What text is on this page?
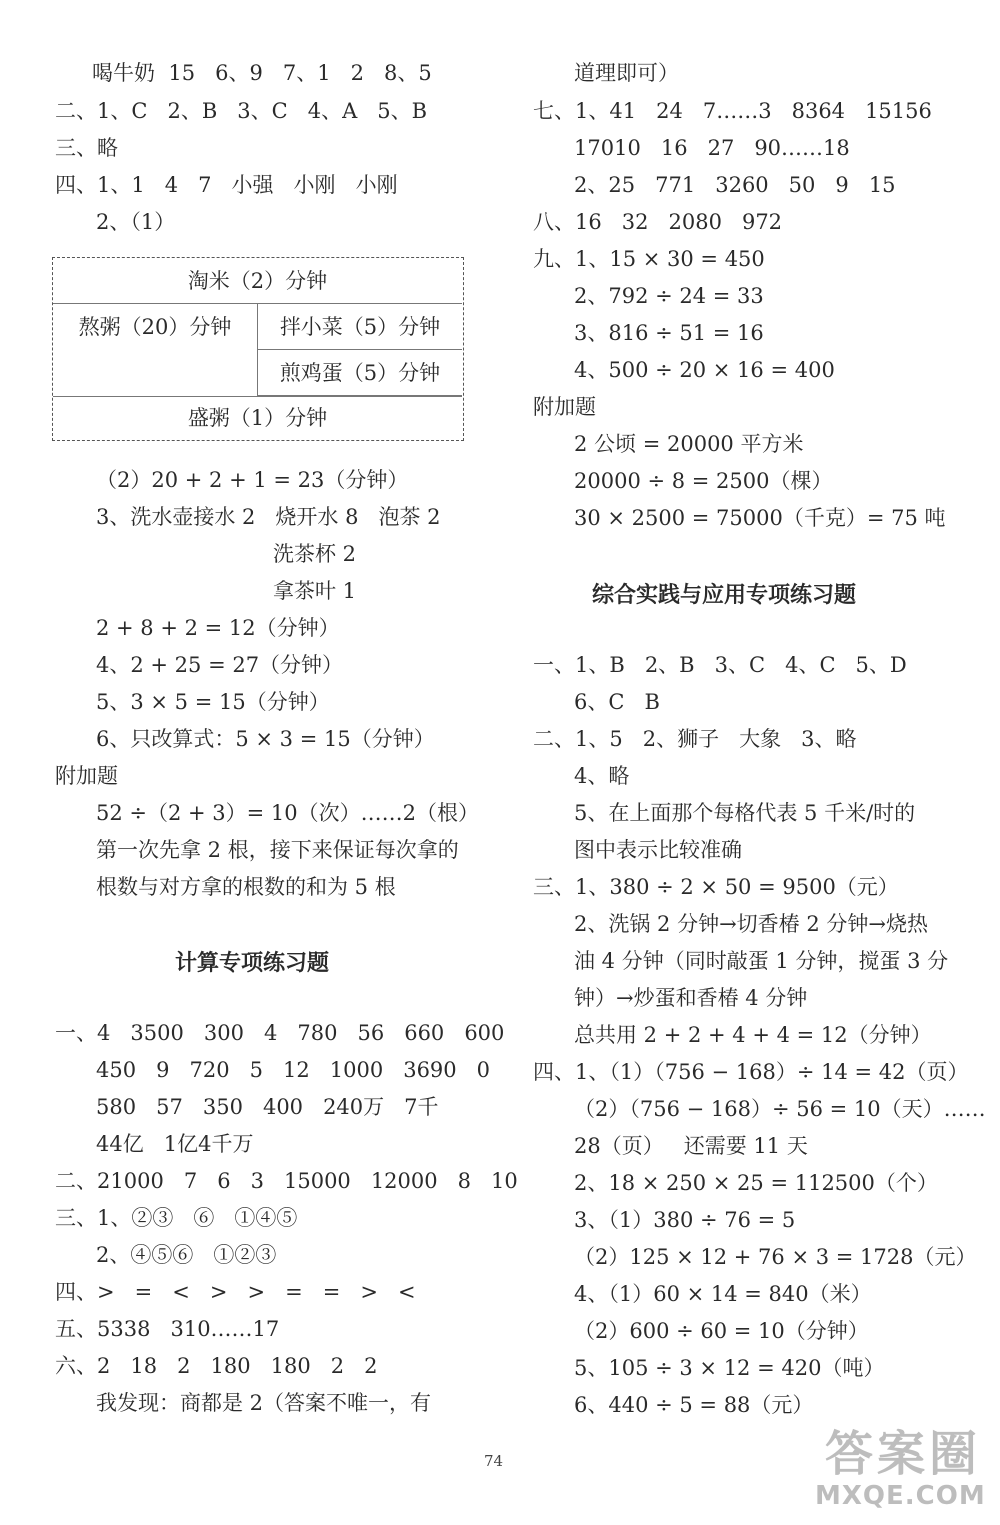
喝牛奶  15   6、9   7、1   2   8、5
二、1、C   2、B   3、C   4、A   5、B
三、略
四、1、1   4   7   小强   小刚   小刚
2、（1）
淘米（2）分钟
熬粥（20）分钟	拌小菜（5）分钟
煎鸡蛋（5）分钟
盛粥（1）分钟
（2）20 + 2 + 1 = 23（分钟）
3、洗水壶接水 2   烧开水 8   泡茶 2
洗茶杯 2
拿茶叶 1
2 + 8 + 2 = 12（分钟）
4、2 + 25 = 27（分钟）
5、3 × 5 = 15（分钟）
6、只改算式：5 × 3 = 15（分钟）
附加题
52 ÷（2 + 3）= 10（次）……2（根）
第一次先拿 2 根，接下来保证每次拿的
根数与对方拿的根数的和为 5 根
计算专项练习题
一、4   3500   300   4   780   56   660   600
450   9   720   5   12   1000   3690   0
580   57   350   400   240万   7千
44亿   1亿4千万
二、21000   7   6   3   15000   12000   8   10
三、1、②③   ⑥   ①④⑤
2、④⑤⑥   ①②③
四、>   =   <   >   >   =   =   >   <
五、5338   310……17
六、2   18   2   180   180   2   2
我发现：商都是 2（答案不唯一，有
道理即可）
七、1、41   24   7……3   8364   15156
17010   16   27   90……18
2、25   771   3260   50   9   15
八、16   32   2080   972
九、1、15 × 30 = 450
2、792 ÷ 24 = 33
3、816 ÷ 51 = 16
4、500 ÷ 20 × 16 = 400
附加题
2 公顷 = 20000 平方米
20000 ÷ 8 = 2500（棵）
30 × 2500 = 75000（千克）= 75 吨
综合实践与应用专项练习题
一、1、B   2、B   3、C   4、C   5、D
6、C   B
二、1、5   2、狮子   大象   3、略
4、略
5、在上面那个每格代表 5 千米/时的
图中表示比较准确
三、1、380 ÷ 2 × 50 = 9500（元）
2、洗锅 2 分钟→切香椿 2 分钟→烧热
油 4 分钟（同时敲蛋 1 分钟，搅蛋 3 分
钟）→炒蛋和香椿 4 分钟
总共用 2 + 2 + 4 + 4 = 12（分钟）
四、1、（1）（756 − 168）÷ 14 = 42（页）
（2）（756 − 168）÷ 56 = 10（天）……
28（页）   还需要 11 天
2、18 × 250 × 25 = 112500（个）
3、（1）380 ÷ 76 = 5
（2）125 × 12 + 76 × 3 = 1728（元）
4、（1）60 × 14 = 840（米）
（2）600 ÷ 60 = 10（分钟）
5、105 ÷ 3 × 12 = 420（吨）
6、440 ÷ 5 = 88（元）
74	答案圈
MXQE.COM
